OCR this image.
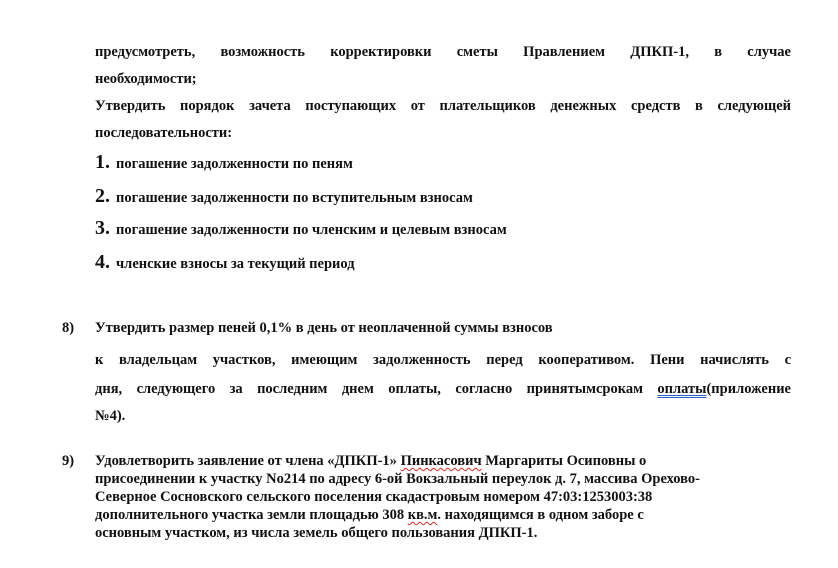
предусмотреть, возможность корректировки сметы Правлением ДПКП-1, в случае
необходимости;
Утвердить порядок зачета поступающих от плательщиков денежных средств в следующей
последовательности:
1. погашение задолженности по пеням
2. погашение задолженности по вступительным взносам
3. погашение задолженности по членским и целевым взносам
4. членские взносы за текущий период
8) Утвердить размер пеней 0,1% в день от неоплаченной суммы взносов
к владельцам участков, имеющим задолженность перед кооперативом. Пени начислять с
дня, следующего за последним днем оплаты, согласно принятымсрокам оплаты(приложение
№4).
9) Удовлетворить заявление от члена «ДПКП-1» Пинкасович Маргариты Осиповны о
присоединении к участку No214 по адресу 6-ой Вокзальный переулок д. 7, массива Орехово-
Северное Сосновского сельского поселения скадастровым номером 47:03:1253003:38
дополнительного участка земли площадью 308 кв.м. находящимся в одном заборе с
основным участком, из числа земель общего пользования ДПКП-1.
